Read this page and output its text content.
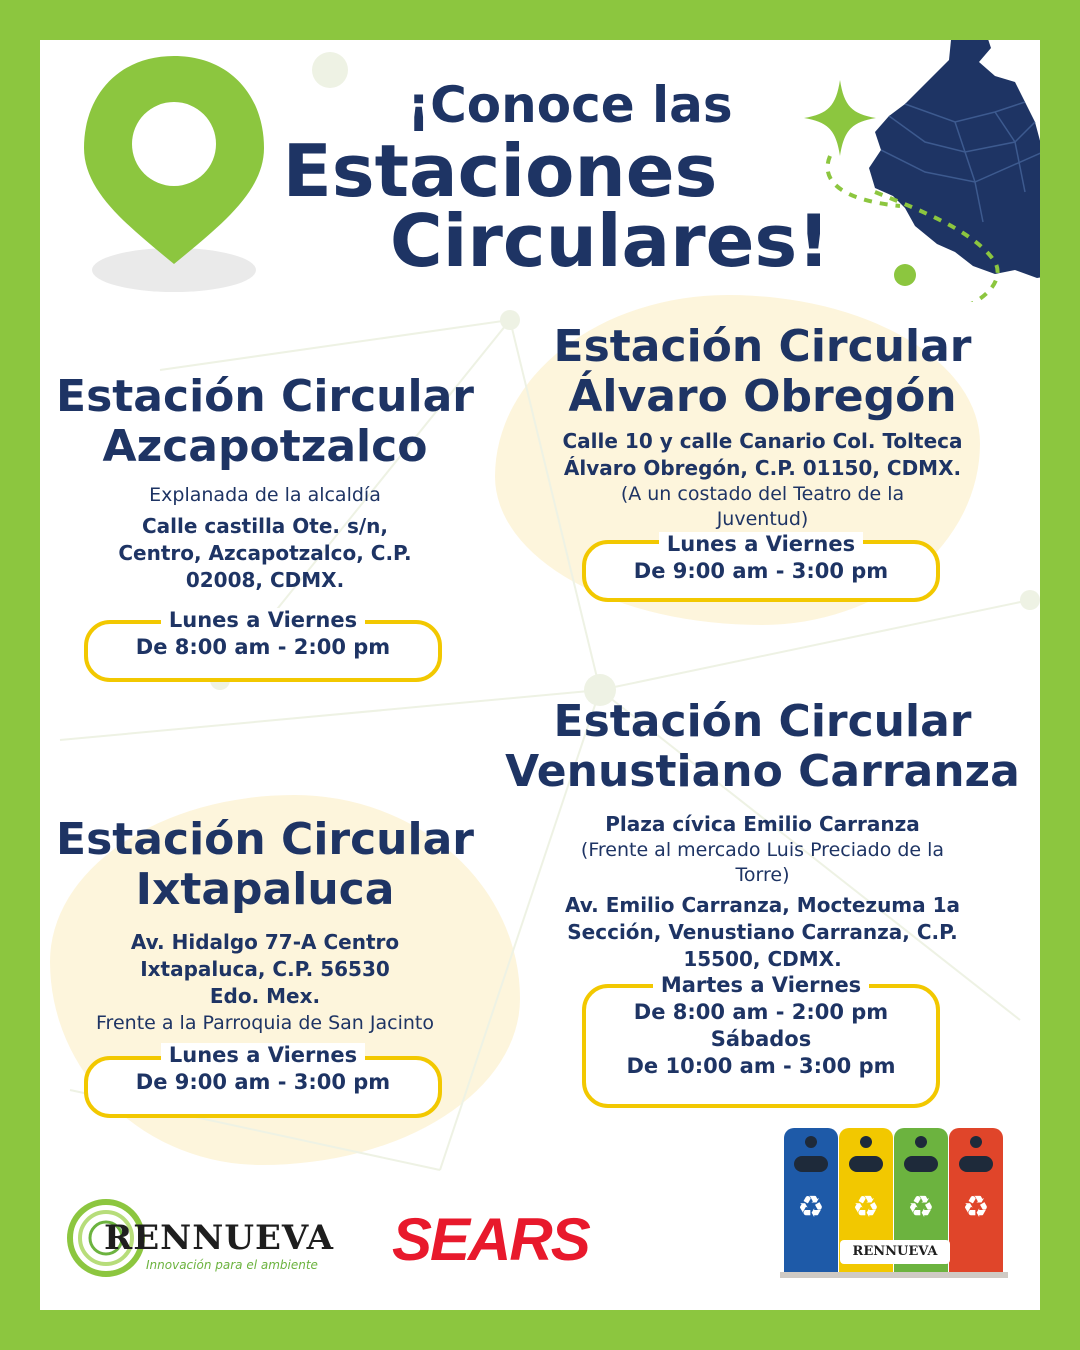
¡Conoce las
Estaciones
Circulares!
Estación Circular
Azcapotzalco
Explanada de la alcaldía
Calle castilla Ote. s/n,
Centro, Azcapotzalco, C.P.
02008, CDMX.
Lunes a Viernes
De 8:00 am - 2:00 pm
Estación Circular
Álvaro Obregón
Calle 10 y calle Canario Col. Tolteca
Álvaro Obregón, C.P. 01150, CDMX.
(A un costado del Teatro de la
Juventud)
Lunes a Viernes
De 9:00 am - 3:00 pm
Estación Circular
Ixtapaluca
Av. Hidalgo 77-A Centro
Ixtapaluca, C.P. 56530
Edo. Mex.
Frente a la Parroquia de San Jacinto
Lunes a Viernes
De 9:00 am - 3:00 pm
Estación Circular
Venustiano Carranza
Plaza cívica Emilio Carranza
(Frente al mercado Luis Preciado de la
Torre)
Av. Emilio Carranza, Moctezuma 1a
Sección, Venustiano Carranza, C.P.
15500, CDMX.
Martes a Viernes
De 8:00 am - 2:00 pm
Sábados
De 10:00 am - 3:00 pm
RENNUEVA
Innovación para el ambiente SEARS	♻ ♻ ♻ ♻
RENNUEVA
